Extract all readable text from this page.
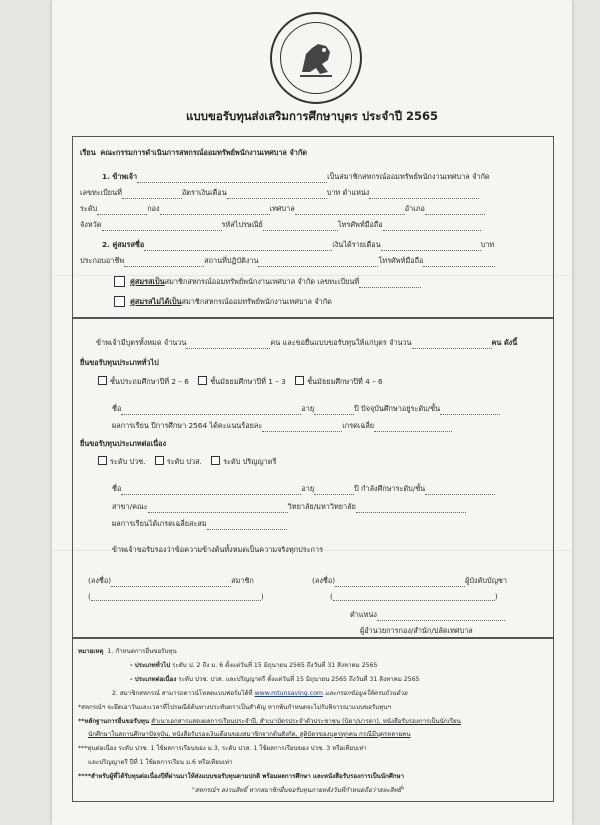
แบบขอรับทุนส่งเสริมการศึกษาบุตร ประจำปี 2565
เรียน คณะกรรมการดำเนินการสหกรณ์ออมทรัพย์พนักงานเทศบาล จำกัด
1. ข้าพเจ้า	เป็นสมาชิกสหกรณ์ออมทรัพย์พนักงานเทศบาล จำกัด
เลขทะเบียนที่	อัตราเงินเดือน	บาท ตำแหน่ง
ระดับ	กอง	เทศบาล	อำเภอ
จังหวัด	รหัสไปรษณีย์	โทรศัพท์มือถือ
2. คู่สมรสชื่อ	เงินได้รายเดือน	บาท
ประกอบอาชีพ	สถานที่ปฏิบัติงาน	โทรศัพท์มือถือ
คู่สมรสเป็นสมาชิกสหกรณ์ออมทรัพย์พนักงานเทศบาล จำกัด เลขทะเบียนที่
คู่สมรสไม่ได้เป็นสมาชิกสหกรณ์ออมทรัพย์พนักงานเทศบาล จำกัด
ข้าพเจ้ามีบุตรทั้งหมด จำนวน	คน และขอยื่นแบบขอรับทุนให้แก่บุตร จำนวน	คน ดังนี้
ยื่นขอรับทุนประเภททั่วไป
ชั้นประถมศึกษาปีที่ 2 – 6	ชั้นมัธยมศึกษาปีที่ 1 – 3	ชั้นมัธยมศึกษาปีที่ 4 – 6
ชื่อ	อายุ	ปี ปัจจุบันศึกษาอยู่ระดับ/ชั้น
ผลการเรียน ปีการศึกษา 2564 ได้คะแนนร้อยละ	เกรดเฉลี่ย
ยื่นขอรับทุนประเภทต่อเนื่อง
ระดับ ปวช.	ระดับ ปวส.	ระดับ ปริญญาตรี
ชื่อ	อายุ	ปี กำลังศึกษาระดับ/ชั้น
สาขา/คณะ	วิทยาลัย/มหาวิทยาลัย
ผลการเรียนได้เกรดเฉลี่ยสะสม
ข้าพเจ้าขอรับรองว่าข้อความข้างต้นทั้งหมดเป็นความจริงทุกประการ
(ลงชื่อ)	สมาชิก	(ลงชื่อ)	ผู้บังคับบัญชา
(	)	(	)
ตำแหน่ง
ผู้อำนวยการกอง/สำนัก/ปลัดเทศบาล
หมายเหตุ 1. กำหนดการยื่นขอรับทุน
- ประเภททั่วไป ระดับ ป. 2 ถึง ม. 6 ตั้งแต่วันที่ 15 มิถุนายน 2565 ถึงวันที่ 31 สิงหาคม 2565
- ประเภทต่อเนื่อง ระดับ ปวช. ปวส. และปริญญาตรี ตั้งแต่วันที่ 15 มิถุนายน 2565 ถึงวันที่ 31 สิงหาคม 2565
2. สมาชิกสหกรณ์ สามารถดาวน์โหลดแบบฟอร์มได้ที่ www.mtunsaving.com และกรอกข้อมูลให้ครบถ้วนด้วย
*สหกรณ์ฯ จะยึดเอาวันและเวลาที่ไปรษณีย์ต้นทางประทับตราเป็นสำคัญ หากพ้นกำหนดจะไม่รับพิจารณาแบบขอรับทุนฯ
**หลักฐานการยื่นขอรับทุน สำเนาเอกสารแสดงผลการเรียนประจำปี, สำเนาบัตรประจำตัวประชาชน (บิดา/มารดา), หนังสือรับรองการเป็นนักเรียน
นักศึกษาในสถานศึกษาปัจจุบัน, หนังสือรับรองเงินเดือนของสมาชิกจากต้นสังกัด, สูติบัตรของบุตรทุกคน กรณีมีบุตรหลายคน
***ทุนต่อเนื่อง ระดับ ปวช. 1 ใช้ผลการเรียนของ ม.3, ระดับ ปวส. 1 ใช้ผลการเรียนของ ปวช. 3 หรือเทียบเท่า
และปริญญาตรี ปีที่ 1 ใช้ผลการเรียน ม.6 หรือเทียบเท่า
****สำหรับผู้ที่ได้รับทุนต่อเนื่องปีที่ผ่านมาให้ส่งแบบขอรับทุนตามปกติ พร้อมผลการศึกษา และหนังสือรับรองการเป็นนักศึกษา
"สหกรณ์ฯ สงวนสิทธิ์ หากสมาชิกยื่นขอรับทุนภายหลังวันที่กำหนดถือว่าสละสิทธิ์"
